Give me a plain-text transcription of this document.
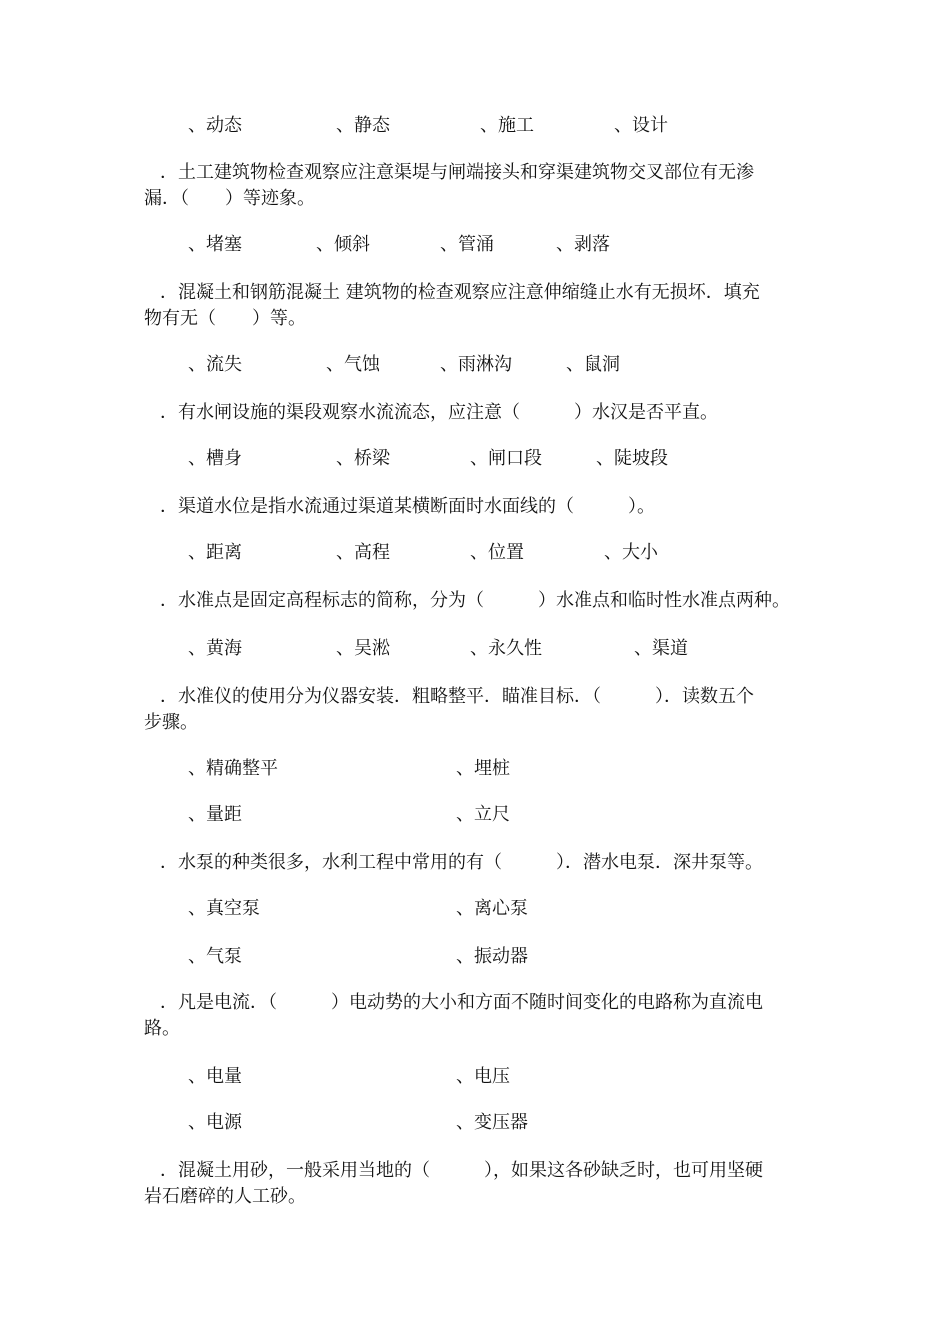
、动态	、静态	、施工	、设计
．土工建筑物检查观察应注意渠堤与闸端接头和穿渠建筑物交叉部位有无渗
漏．（　　）等迹象。
、堵塞	、倾斜	、管涌	、剥落
．混凝土和钢筋混凝土 建筑物的检查观察应注意伸缩缝止水有无损坏．填充
物有无（　　）等。
、流失	、气蚀	、雨淋沟	、鼠洞
．有水闸设施的渠段观察水流流态，应注意（　　　）水汉是否平直。
、槽身	、桥梁	、闸口段	、陡坡段
．渠道水位是指水流通过渠道某横断面时水面线的（　　　）。
、距离	、高程	、位置	、大小
．水准点是固定高程标志的简称，分为（　　　）水准点和临时性水准点两种。
、黄海	、吴淞	、永久性	、渠道
．水准仪的使用分为仪器安装．粗略整平．瞄准目标．（　　　）．读数五个
步骤。
、精确整平	、埋桩
、量距	、立尺
．水泵的种类很多，水利工程中常用的有（　　　）．潜水电泵．深井泵等。
、真空泵	、离心泵
、气泵	、振动器
．凡是电流．（　　　）电动势的大小和方面不随时间变化的电路称为直流电
路。
、电量	、电压
、电源	、变压器
．混凝土用砂，一般采用当地的（　　　），如果这各砂缺乏时，也可用坚硬
岩石磨碎的人工砂。
